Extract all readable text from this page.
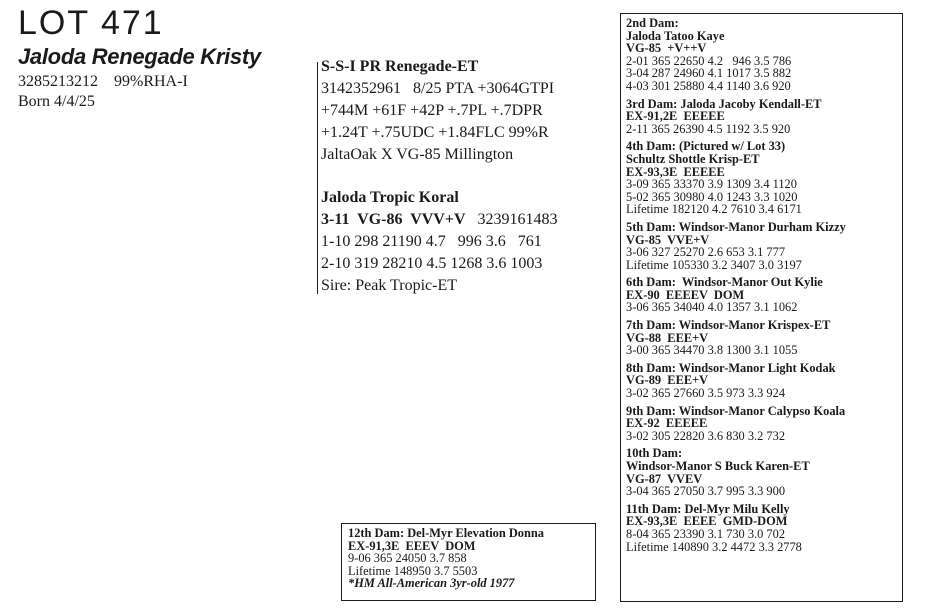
LOT 471
Jaloda Renegade Kristy
3285213212    99%RHA-I
Born 4/4/25
S-S-I PR Renegade-ET
3142352961   8/25 PTA +3064GTPI
+744M +61F +42P +.7PL +.7DPR
+1.24T +.75UDC +1.84FLC 99%R
JaltaOak X VG-85 Millington
Jaloda Tropic Koral
3-11  VG-86  VVV+V 3239161483
1-10 298 21190 4.7   996 3.6   761
2-10 319 28210 4.5 1268 3.6 1003
Sire: Peak Tropic-ET
2nd Dam:
Jaloda Tatoo Kaye
VG-85  +V++V
2-01 365 22650 4.2   946 3.5 786
3-04 287 24960 4.1 1017 3.5 882
4-03 301 25880 4.4 1140 3.6 920
3rd Dam: Jaloda Jacoby Kendall-ET
EX-91,2E  EEEEE
2-11 365 26390 4.5 1192 3.5 920
4th Dam: (Pictured w/ Lot 33)
Schultz Shottle Krisp-ET
EX-93,3E  EEEEE
3-09 365 33370 3.9 1309 3.4 1120
5-02 365 30980 4.0 1243 3.3 1020
Lifetime 182120 4.2 7610 3.4 6171
5th Dam: Windsor-Manor Durham Kizzy
VG-85  VVE+V
3-06 327 25270 2.6 653 3.1 777
Lifetime 105330 3.2 3407 3.0 3197
6th Dam:  Windsor-Manor Out Kylie
EX-90  EEEEV  DOM
3-06 365 34040 4.0 1357 3.1 1062
7th Dam: Windsor-Manor Krispex-ET
VG-88  EEE+V
3-00 365 34470 3.8 1300 3.1 1055
8th Dam: Windsor-Manor Light Kodak
VG-89  EEE+V
3-02 365 27660 3.5 973 3.3 924
9th Dam: Windsor-Manor Calypso Koala
EX-92  EEEEE
3-02 305 22820 3.6 830 3.2 732
10th Dam:
Windsor-Manor S Buck Karen-ET
VG-87  VVEV
3-04 365 27050 3.7 995 3.3 900
11th Dam: Del-Myr Milu Kelly
EX-93,3E  EEEE  GMD-DOM
8-04 365 23390 3.1 730 3.0 702
Lifetime 140890 3.2 4472 3.3 2778
12th Dam: Del-Myr Elevation Donna
EX-91,3E  EEEV  DOM
9-06 365 24050 3.7 858
Lifetime 148950 3.7 5503
*HM All-American 3yr-old 1977
